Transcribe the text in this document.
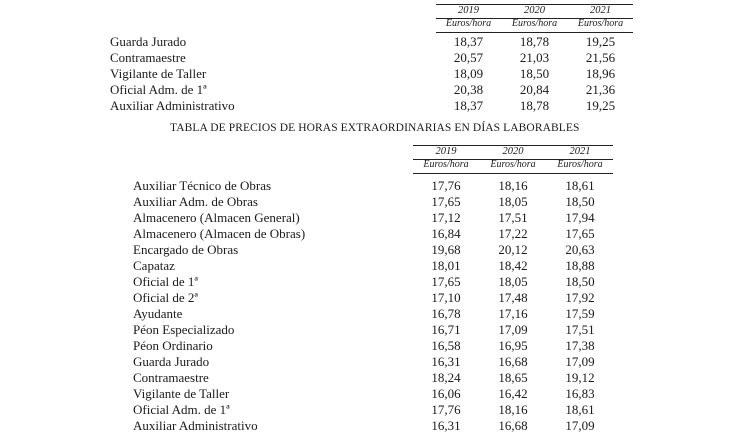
2019	2020	2021
Euros/hora	Euros/hora	Euros/hora
Guarda Jurado	18,37	18,78	19,25
Contramaestre	20,57	21,03	21,56
Vigilante de Taller	18,09	18,50	18,96
Oficial Adm. de 1ª	20,38	20,84	21,36
Auxiliar Administrativo	18,37	18,78	19,25
TABLA DE PRECIOS DE HORAS EXTRAORDINARIAS EN DÍAS LABORABLES
2019	2020	2021
Euros/hora	Euros/hora	Euros/hora
Auxiliar Técnico de Obras	17,76	18,16	18,61
Auxiliar Adm. de Obras	17,65	18,05	18,50
Almacenero (Almacen General)	17,12	17,51	17,94
Almacenero (Almacen de Obras)	16,84	17,22	17,65
Encargado de Obras	19,68	20,12	20,63
Capataz	18,01	18,42	18,88
Oficial de 1ª	17,65	18,05	18,50
Oficial de 2ª	17,10	17,48	17,92
Ayudante	16,78	17,16	17,59
Péon Especializado	16,71	17,09	17,51
Péon Ordinario	16,58	16,95	17,38
Guarda Jurado	16,31	16,68	17,09
Contramaestre	18,24	18,65	19,12
Vigilante de Taller	16,06	16,42	16,83
Oficial Adm. de 1ª	17,76	18,16	18,61
Auxiliar Administrativo	16,31	16,68	17,09
